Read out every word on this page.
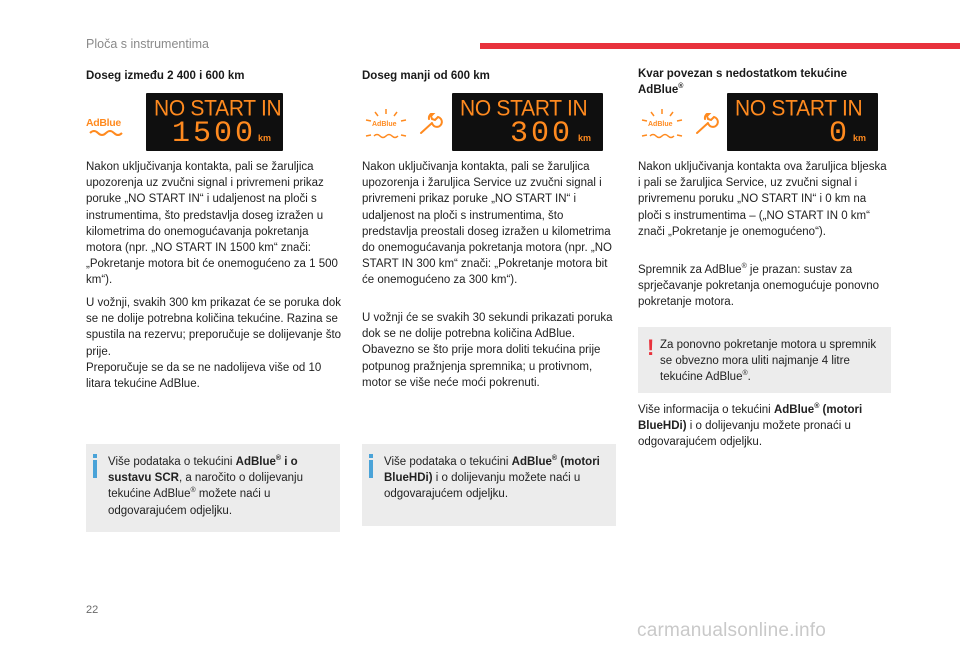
Ploča s instrumentima
Doseg između 2 400 i 600 km
AdBlue
NO START IN
1500 km
Nakon uključivanja kontakta, pali se žaruljica upozorenja uz zvučni signal i privremeni prikaz poruke „NO START IN“ i udaljenost na ploči s instrumentima, što predstavlja doseg izražen u kilometrima do onemogućavanja pokretanja motora (npr. „NO START IN 1500 km“ znači: „Pokretanje motora bit će onemogućeno za 1 500 km“).
U vožnji, svakih 300 km prikazat će se poruka dok se ne dolije potrebna količina tekućine. Razina se spustila na rezervu; preporučuje se dolijevanje što prije.
Preporučuje se da se ne nadolijeva više od 10 litara tekućine AdBlue.
Više podataka o tekućini AdBlue® i o sustavu SCR, a naročito o dolijevanju tekućine AdBlue® možete naći u odgovarajućem odjeljku.
Doseg manji od 600 km
AdBlue
NO START IN
300 km
Nakon uključivanja kontakta, pali se žaruljica upozorenja i žaruljica Service uz zvučni signal i privremeni prikaz poruke „NO START IN“ i udaljenost na ploči s instrumentima, što predstavlja preostali doseg izražen u kilometrima do onemogućavanja pokretanja motora (npr. „NO START IN 300 km“ znači: „Pokretanje motora bit će onemogućeno za 300 km“).
U vožnji će se svakih 30 sekundi prikazati poruka dok se ne dolije potrebna količina AdBlue.
Obavezno se što prije mora doliti tekućina prije potpunog pražnjenja spremnika; u protivnom, motor se više neće moći pokrenuti.
Više podataka o tekućini AdBlue® (motori BlueHDi) i o dolijevanju možete naći u odgovarajućem odjeljku.
Kvar povezan s nedostatkom tekućine AdBlue®
AdBlue
NO START IN
0 km
Nakon uključivanja kontakta ova žaruljica bljeska i pali se žaruljica Service, uz zvučni signal i privremenu poruku „NO START IN“ i 0 km na ploči s instrumentima – („NO START IN 0 km“ znači „Pokretanje je onemogućeno“).
Spremnik za AdBlue® je prazan: sustav za sprječavanje pokretanja onemogućuje ponovno pokretanje motora.
! Za ponovno pokretanje motora u spremnik se obvezno mora uliti najmanje 4 litre tekućine AdBlue®.
Više informacija o tekućini AdBlue® (motori BlueHDi) i o dolijevanju možete pronaći u odgovarajućem odjeljku.
22
carmanualsonline.info
